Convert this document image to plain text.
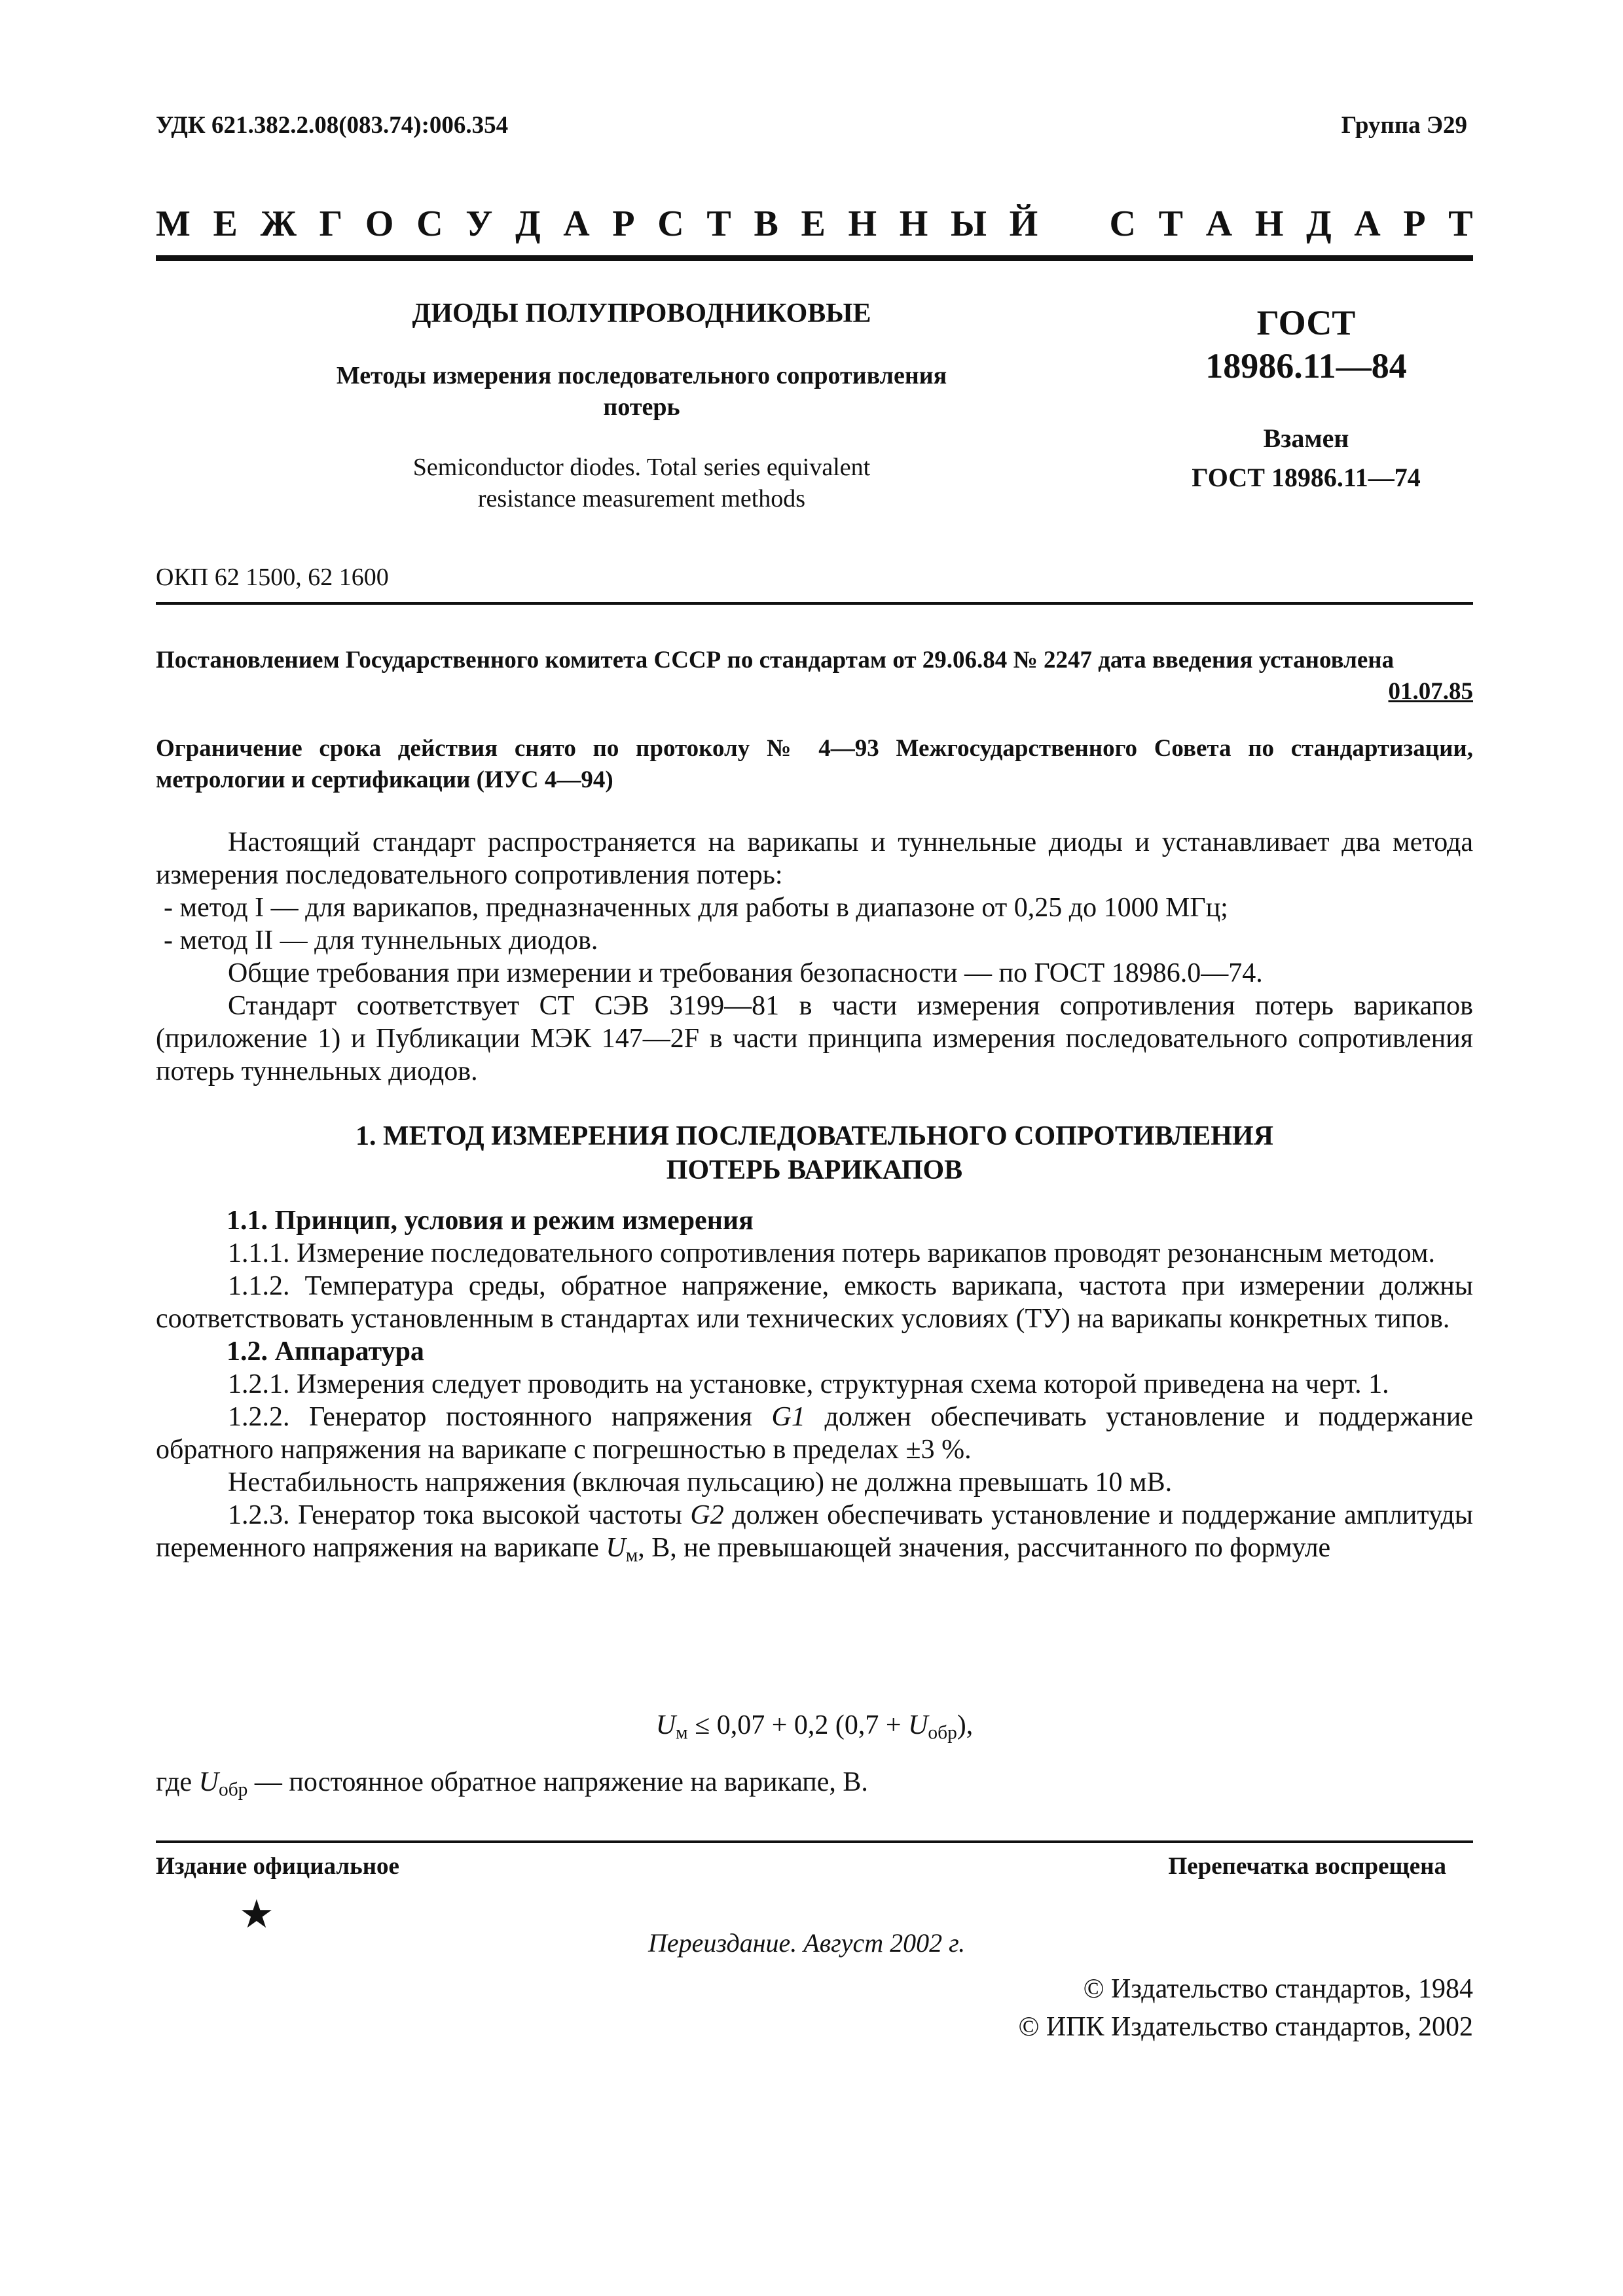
УДК 621.382.2.08(083.74):006.354	Группа Э29
М Е Ж Г О С У Д А Р С Т В Е Н Н Ы Й С Т А Н Д А Р Т
ДИОДЫ ПОЛУПРОВОДНИКОВЫЕ
Методы измерения последовательного сопротивления
потерь
Semiconductor diodes. Total series equivalent
resistance measurement methods
ГОСТ
18986.11—84
Взамен
ГОСТ 18986.11—74
ОКП 62 1500, 62 1600
Постановлением Государственного комитета СССР по стандартам от 29.06.84 № 2247 дата введения установлена
01.07.85
Ограничение срока действия снято по протоколу № 4—93 Межгосударственного Совета по стандартизации, метрологии и сертификации (ИУС 4—94)

Настоящий стандарт распространяется на варикапы и туннельные диоды и устанавливает два метода измерения последовательного сопротивления потерь:

- метод I — для варикапов, предназначенных для работы в диапазоне от 0,25 до 1000 МГц;

- метод II — для туннельных диодов.

Общие требования при измерении и требования безопасности — по ГОСТ 18986.0—74.

Стандарт соответствует СТ СЭВ 3199—81 в части измерения сопротивления потерь варикапов (приложение 1) и Публикации МЭК 147—2F в части принципа измерения последовательного сопротивления потерь туннельных диодов.

1. МЕТОД ИЗМЕРЕНИЯ ПОСЛЕДОВАТЕЛЬНОГО СОПРОТИВЛЕНИЯ
ПОТЕРЬ ВАРИКАПОВ

1.1. Принцип, условия и режим измерения

1.1.1. Измерение последовательного сопротивления потерь варикапов проводят резонансным методом.

1.1.2. Температура среды, обратное напряжение, емкость варикапа, частота при измерении должны соответствовать установленным в стандартах или технических условиях (ТУ) на варикапы конкретных типов.

1.2. Аппаратура

1.2.1. Измерения следует проводить на установке, структурная схема которой приведена на черт. 1.

1.2.2. Генератор постоянного напряжения G1 должен обеспечивать установление и поддержание обратного напряжения на варикапе с погрешностью в пределах ±3 %.

Нестабильность напряжения (включая пульсацию) не должна превышать 10 мВ.

1.2.3. Генератор тока высокой частоты G2 должен обеспечивать установление и поддержание амплитуды переменного напряжения на варикапе $U_м$, В, не превышающей значения, рассчитанного по формуле

$U_м \le 0,07 + 0,2$ $(0,7 + U_{обр})$,

где $U_{обр}$ — постоянное обратное напряжение на варикапе, В.

Издание официальное	Перепечатка воспрещена
★
Переиздание. Август 2002 г.
© Издательство стандартов, 1984
© ИПК Издательство стандартов, 2002
